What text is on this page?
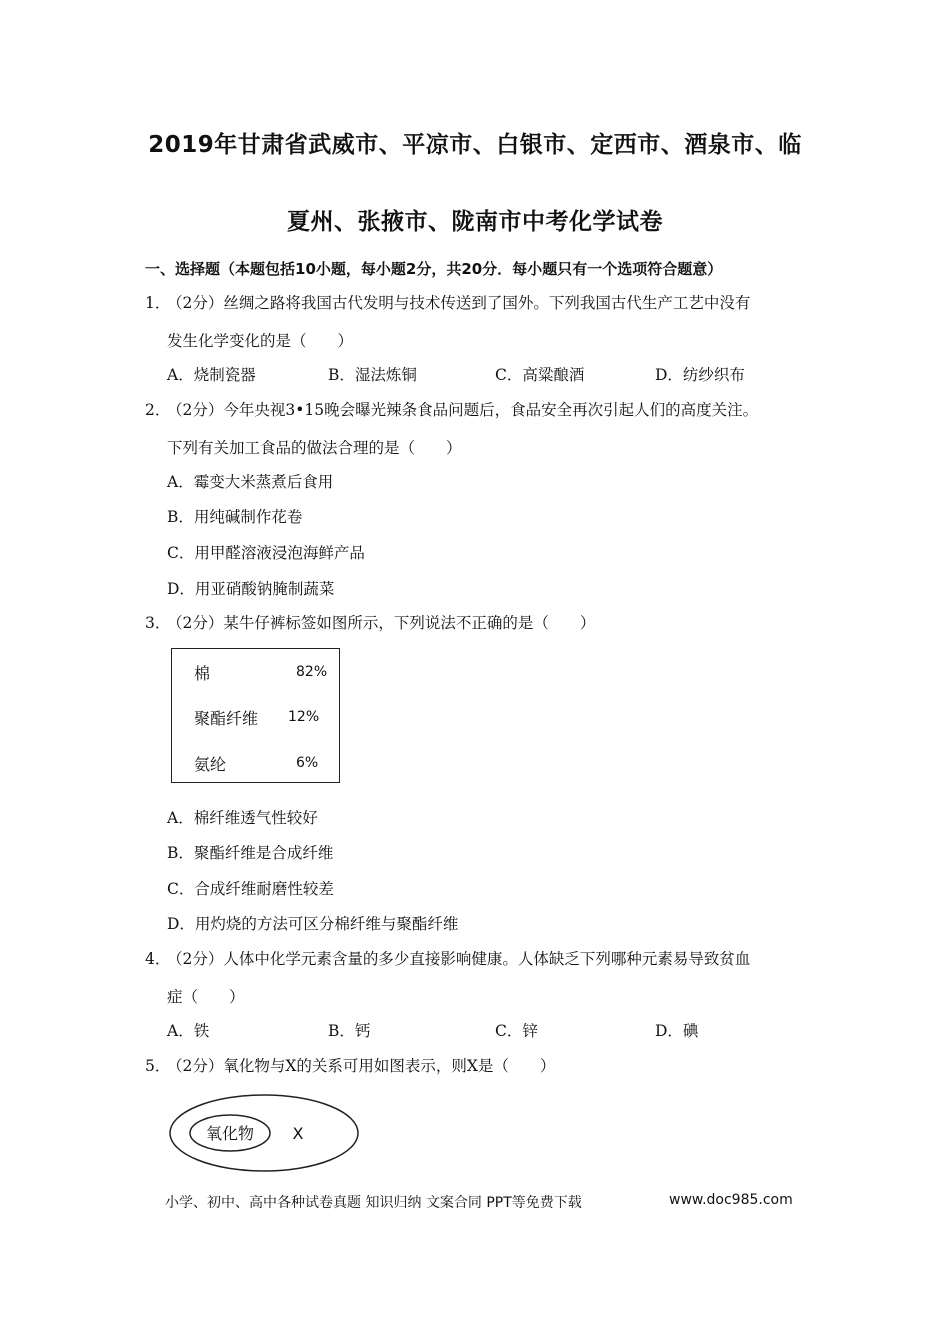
2019年甘肃省武威市、平凉市、白银市、定西市、酒泉市、临
夏州、张掖市、陇南市中考化学试卷
一、选择题（本题包括10小题，每小题2分，共20分．每小题只有一个选项符合题意）
1．（2分）丝绸之路将我国古代发明与技术传送到了国外。下列我国古代生产工艺中没有
发生化学变化的是（　　）
A．烧制瓷器	B．湿法炼铜	C．高粱酿酒	D．纺纱织布
2．（2分）今年央视3•15晚会曝光辣条食品问题后，食品安全再次引起人们的高度关注。
下列有关加工食品的做法合理的是（　　）
A．霉变大米蒸煮后食用
B．用纯碱制作花卷
C．用甲醛溶液浸泡海鲜产品
D．用亚硝酸钠腌制蔬菜
3．（2分）某牛仔裤标签如图所示，下列说法不正确的是（　　）
棉	82%
聚酯纤维 12%
氨纶	6%
A．棉纤维透气性较好
B．聚酯纤维是合成纤维
C．合成纤维耐磨性较差
D．用灼烧的方法可区分棉纤维与聚酯纤维
4．（2分）人体中化学元素含量的多少直接影响健康。人体缺乏下列哪种元素易导致贫血
症（　　）
A．铁	B．钙	C．锌	D．碘
5．（2分）氧化物与X的关系可用如图表示，则X是（　　）
氧化物 X
小学、初中、高中各种试卷真题 知识归纳 文案合同 PPT等免费下载	www.doc985.com
